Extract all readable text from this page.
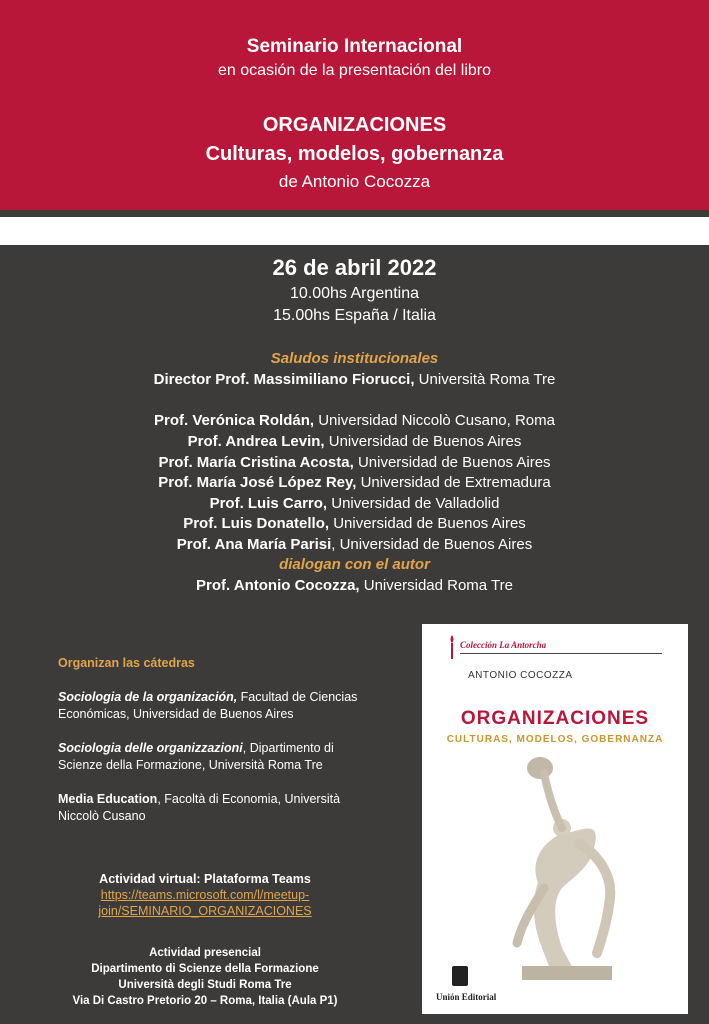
Seminario Internacional
en ocasión de la presentación del libro
ORGANIZACIONES
Culturas, modelos, gobernanza
de Antonio Cocozza
26 de abril 2022
10.00hs Argentina
15.00hs España / Italia
Saludos institucionales
Director Prof. Massimiliano Fiorucci, Università Roma Tre
Prof. Verónica Roldán, Universidad Niccolò Cusano, Roma
Prof. Andrea Levin, Universidad de Buenos Aires
Prof. María Cristina Acosta, Universidad de Buenos Aires
Prof. María José López Rey, Universidad de Extremadura
Prof. Luis Carro, Universidad de Valladolid
Prof. Luis Donatello, Universidad de Buenos Aires
Prof. Ana María Parisi, Universidad de Buenos Aires
dialogan con el autor
Prof. Antonio Cocozza, Universidad Roma Tre
Organizan las cátedras

Sociologia de la organización, Facultad de Ciencias Económicas, Universidad de Buenos Aires

Sociologia delle organizzazioni, Dipartimento di Scienze della Formazione, Università Roma Tre

Media Education, Facoltà di Economia, Università Niccolò Cusano

Actividad virtual: Plataforma Teams
https://teams.microsoft.com/l/meetup-
join/SEMINARIO_ORGANIZACIONES
Actividad presencial
Dipartimento di Scienze della Formazione
Università degli Studi Roma Tre
Via Di Castro Pretorio 20 – Roma, Italia (Aula P1)
Colección La Antorcha
ANTONIO COCOZZA
ORGANIZACIONES
CULTURAS, MODELOS, GOBERNANZA
Unión Editorial
